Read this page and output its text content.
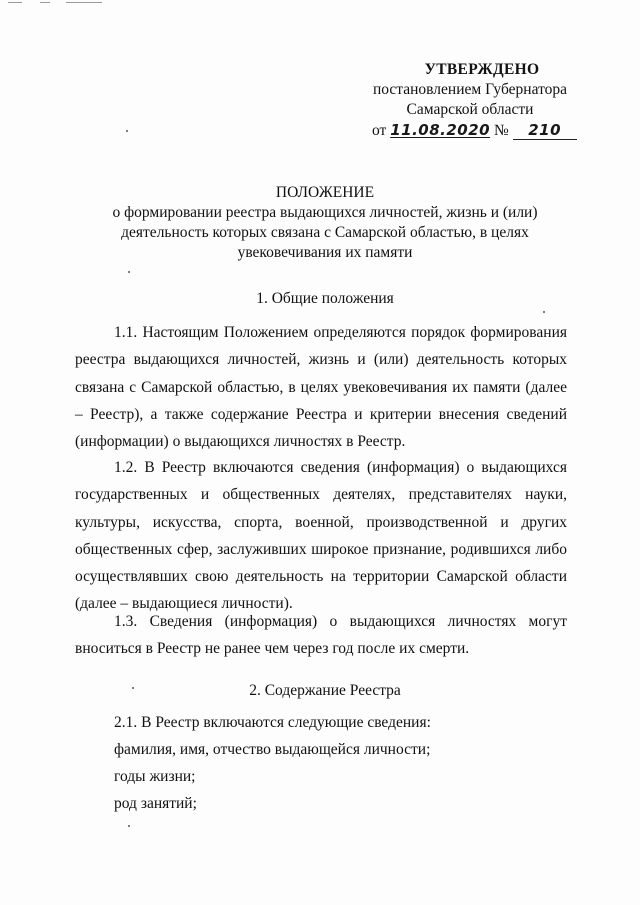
УТВЕРЖДЕНО
постановлением Губернатора
Самарской области
от 11.08.2020 № 210
ПОЛОЖЕНИЕ
о формировании реестра выдающихся личностей, жизнь и (или)
деятельность которых связана с Самарской областью, в целях
увековечивания их памяти
1. Общие положения
1.1. Настоящим Положением определяются порядок формирования реестра выдающихся личностей, жизнь и (или) деятельность которых связана с Самарской областью, в целях увековечивания их памяти (далее – Реестр), а также содержание Реестра и критерии внесения сведений (информации) о выдающихся личностях в Реестр.
1.2. В Реестр включаются сведения (информация) о выдающихся государственных и общественных деятелях, представителях науки, культуры, искусства, спорта, военной, производственной и других общественных сфер, заслуживших широкое признание, родившихся либо осуществлявших свою деятельность на территории Самарской области (далее – выдающиеся личности).
1.3. Сведения (информация) о выдающихся личностях могут вноситься в Реестр не ранее чем через год после их смерти.
2. Содержание Реестра
2.1. В Реестр включаются следующие сведения:
фамилия, имя, отчество выдающейся личности;
годы жизни;
род занятий;
